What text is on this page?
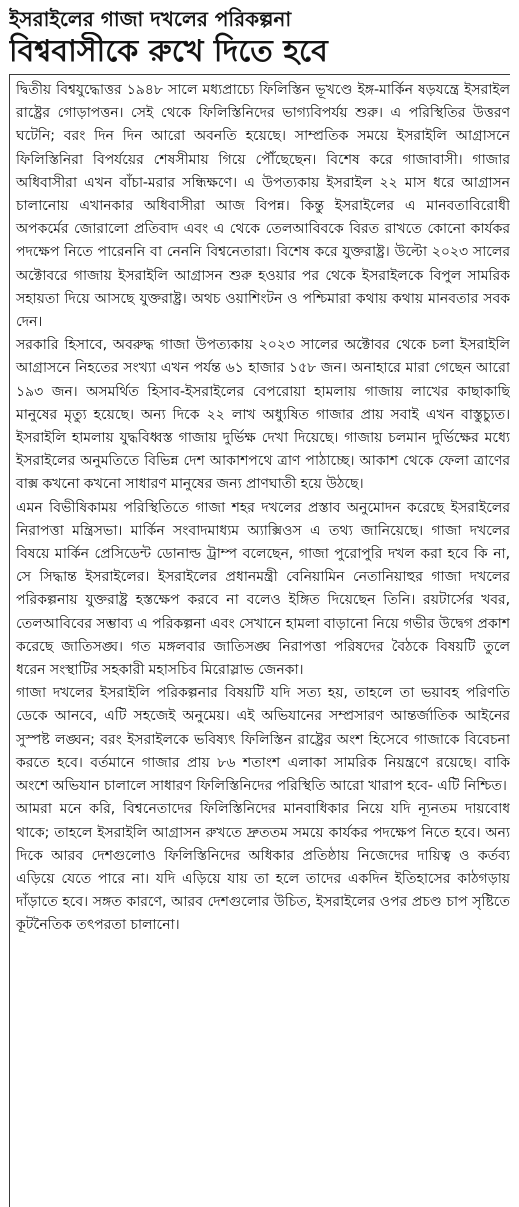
ইসরাইলের গাজা দখলের পরিকল্পনা
বিশ্ববাসীকে রুখে দিতে হবে

দ্বিতীয় বিশ্বযুদ্ধোত্তর ১৯৪৮ সালে মধ্যপ্রাচ্যে ফিলিস্তিন ভূখণ্ডে ইঙ্গ-মার্কিন ষড়যন্ত্রে ইসরাইল রাষ্ট্রের গোড়াপত্তন। সেই থেকে ফিলিস্তিনিদের ভাগ্যবিপর্যয় শুরু। এ পরিস্থিতির উত্তরণ ঘটেনি; বরং দিন দিন আরো অবনতি হয়েছে। সাম্প্রতিক সময়ে ইসরাইলি আগ্রাসনে ফিলিস্তিনিরা বিপর্যয়ের শেষসীমায় গিয়ে পৌঁছেছেন। বিশেষ করে গাজাবাসী। গাজার অধিবাসীরা এখন বাঁচা-মরার সন্ধিক্ষণে। এ উপত্যকায় ইসরাইল ২২ মাস ধরে আগ্রাসন চালানোয় এখানকার অধিবাসীরা আজ বিপন্ন। কিন্তু ইসরাইলের এ মানবতাবিরোধী অপকর্মের জোরালো প্রতিবাদ এবং এ থেকে তেলআবিবকে বিরত রাখতে কোনো কার্যকর পদক্ষেপ নিতে পারেননি বা নেননি বিশ্বনেতারা। বিশেষ করে যুক্তরাষ্ট্র। উল্টো ২০২৩ সালের অক্টোবরে গাজায় ইসরাইলি আগ্রাসন শুরু হওয়ার পর থেকে ইসরাইলকে বিপুল সামরিক সহায়তা দিয়ে আসছে যুক্তরাষ্ট্র। অথচ ওয়াশিংটন ও পশ্চিমারা কথায় কথায় মানবতার সবক দেন।

সরকারি হিসাবে, অবরুদ্ধ গাজা উপত্যকায় ২০২৩ সালের অক্টোবর থেকে চলা ইসরাইলি আগ্রাসনে নিহতের সংখ্যা এখন পর্যন্ত ৬১ হাজার ১৫৮ জন। অনাহারে মারা গেছেন আরো ১৯৩ জন। অসমর্থিত হিসাব-ইসরাইলের বেপরোয়া হামলায় গাজায় লাখের কাছাকাছি মানুষের মৃত্যু হয়েছে। অন্য দিকে ২২ লাখ অধ্যুষিত গাজার প্রায় সবাই এখন বাস্তুচ্যুত। ইসরাইলি হামলায় যুদ্ধবিধ্বস্ত গাজায় দুর্ভিক্ষ দেখা দিয়েছে। গাজায় চলমান দুর্ভিক্ষের মধ্যে ইসরাইলের অনুমতিতে বিভিন্ন দেশ আকাশপথে ত্রাণ পাঠাচ্ছে। আকাশ থেকে ফেলা ত্রাণের বাক্স কখনো কখনো সাধারণ মানুষের জন্য প্রাণঘাতী হয়ে উঠছে।

এমন বিভীষিকাময় পরিস্থিতিতে গাজা শহর দখলের প্রস্তাব অনুমোদন করেছে ইসরাইলের নিরাপত্তা মন্ত্রিসভা। মার্কিন সংবাদমাধ্যম অ্যাক্সিওস এ তথ্য জানিয়েছে। গাজা দখলের বিষয়ে মার্কিন প্রেসিডেন্ট ডোনাল্ড ট্রাম্প বলেছেন, গাজা পুরোপুরি দখল করা হবে কি না, সে সিদ্ধান্ত ইসরাইলের। ইসরাইলের প্রধানমন্ত্রী বেনিয়ামিন নেতানিয়াহুর গাজা দখলের পরিকল্পনায় যুক্তরাষ্ট্র হস্তক্ষেপ করবে না বলেও ইঙ্গিত দিয়েছেন তিনি। রয়টার্সের খবর, তেলআবিবের সম্ভাব্য এ পরিকল্পনা এবং সেখানে হামলা বাড়ানো নিয়ে গভীর উদ্বেগ প্রকাশ করেছে জাতিসঙ্ঘ। গত মঙ্গলবার জাতিসঙ্ঘ নিরাপত্তা পরিষদের বৈঠকে বিষয়টি তুলে ধরেন সংস্থাটির সহকারী মহাসচিব মিরোস্লাভ জেনকা।

গাজা দখলের ইসরাইলি পরিকল্পনার বিষয়টি যদি সত্য হয়, তাহলে তা ভয়াবহ পরিণতি ডেকে আনবে, এটি সহজেই অনুমেয়। এই অভিযানের সম্প্রসারণ আন্তর্জাতিক আইনের সুস্পষ্ট লঙ্ঘন; বরং ইসরাইলকে ভবিষ্যৎ ফিলিস্তিন রাষ্ট্রের অংশ হিসেবে গাজাকে বিবেচনা করতে হবে। বর্তমানে গাজার প্রায় ৮৬ শতাংশ এলাকা সামরিক নিয়ন্ত্রণে রয়েছে। বাকি অংশে অভিযান চালালে সাধারণ ফিলিস্তিনিদের পরিস্থিতি আরো খারাপ হবে- এটি নিশ্চিত।

আমরা মনে করি, বিশ্বনেতাদের ফিলিস্তিনিদের মানবাধিকার নিয়ে যদি ন্যূনতম দায়বোধ থাকে; তাহলে ইসরাইলি আগ্রাসন রুখতে দ্রুততম সময়ে কার্যকর পদক্ষেপ নিতে হবে। অন্য দিকে আরব দেশগুলোও ফিলিস্তিনিদের অধিকার প্রতিষ্ঠায় নিজেদের দায়িত্ব ও কর্তব্য এড়িয়ে যেতে পারে না। যদি এড়িয়ে যায় তা হলে তাদের একদিন ইতিহাসের কাঠগড়ায় দাঁড়াতে হবে। সঙ্গত কারণে, আরব দেশগুলোর উচিত, ইসরাইলের ওপর প্রচণ্ড চাপ সৃষ্টিতে কূটনৈতিক তৎপরতা চালানো।
